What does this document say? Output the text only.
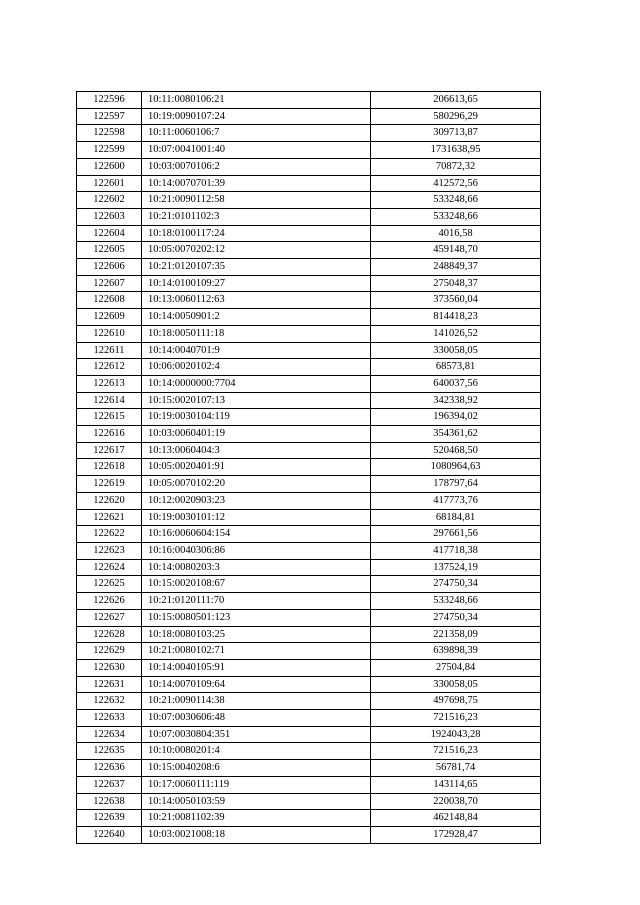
122596	10:11:0080106:21	206613,65
122597	10:19:0090107:24	580296,29
122598	10:11:0060106:7	309713,87
122599	10:07:0041001:40	1731638,95
122600	10:03:0070106:2	70872,32
122601	10:14:0070701:39	412572,56
122602	10:21:0090112:58	533248,66
122603	10:21:0101102:3	533248,66
122604	10:18:0100117:24	4016,58
122605	10:05:0070202:12	459148,70
122606	10:21:0120107:35	248849,37
122607	10:14:0100109:27	275048,37
122608	10:13:0060112:63	373560,04
122609	10:14:0050901:2	814418,23
122610	10:18:0050111:18	141026,52
122611	10:14:0040701:9	330058,05
122612	10:06:0020102:4	68573,81
122613	10:14:0000000:7704	640037,56
122614	10:15:0020107:13	342338,92
122615	10:19:0030104:119	196394,02
122616	10:03:0060401:19	354361,62
122617	10:13:0060404:3	520468,50
122618	10:05:0020401:91	1080964,63
122619	10:05:0070102:20	178797,64
122620	10:12:0020903:23	417773,76
122621	10:19:0030101:12	68184,81
122622	10:16:0060604:154	297661,56
122623	10:16:0040306:86	417718,38
122624	10:14:0080203:3	137524,19
122625	10:15:0020108:67	274750,34
122626	10:21:0120111:70	533248,66
122627	10:15:0080501:123	274750,34
122628	10:18:0080103:25	221358,09
122629	10:21:0080102:71	639898,39
122630	10:14:0040105:91	27504,84
122631	10:14:0070109:64	330058,05
122632	10:21:0090114:38	497698,75
122633	10:07:0030606:48	721516,23
122634	10:07:0030804:351	1924043,28
122635	10:10:0080201:4	721516,23
122636	10:15:0040208:6	56781,74
122637	10:17:0060111:119	143114,65
122638	10:14:0050103:59	220038,70
122639	10:21:0081102:39	462148,84
122640	10:03:0021008:18	172928,47
